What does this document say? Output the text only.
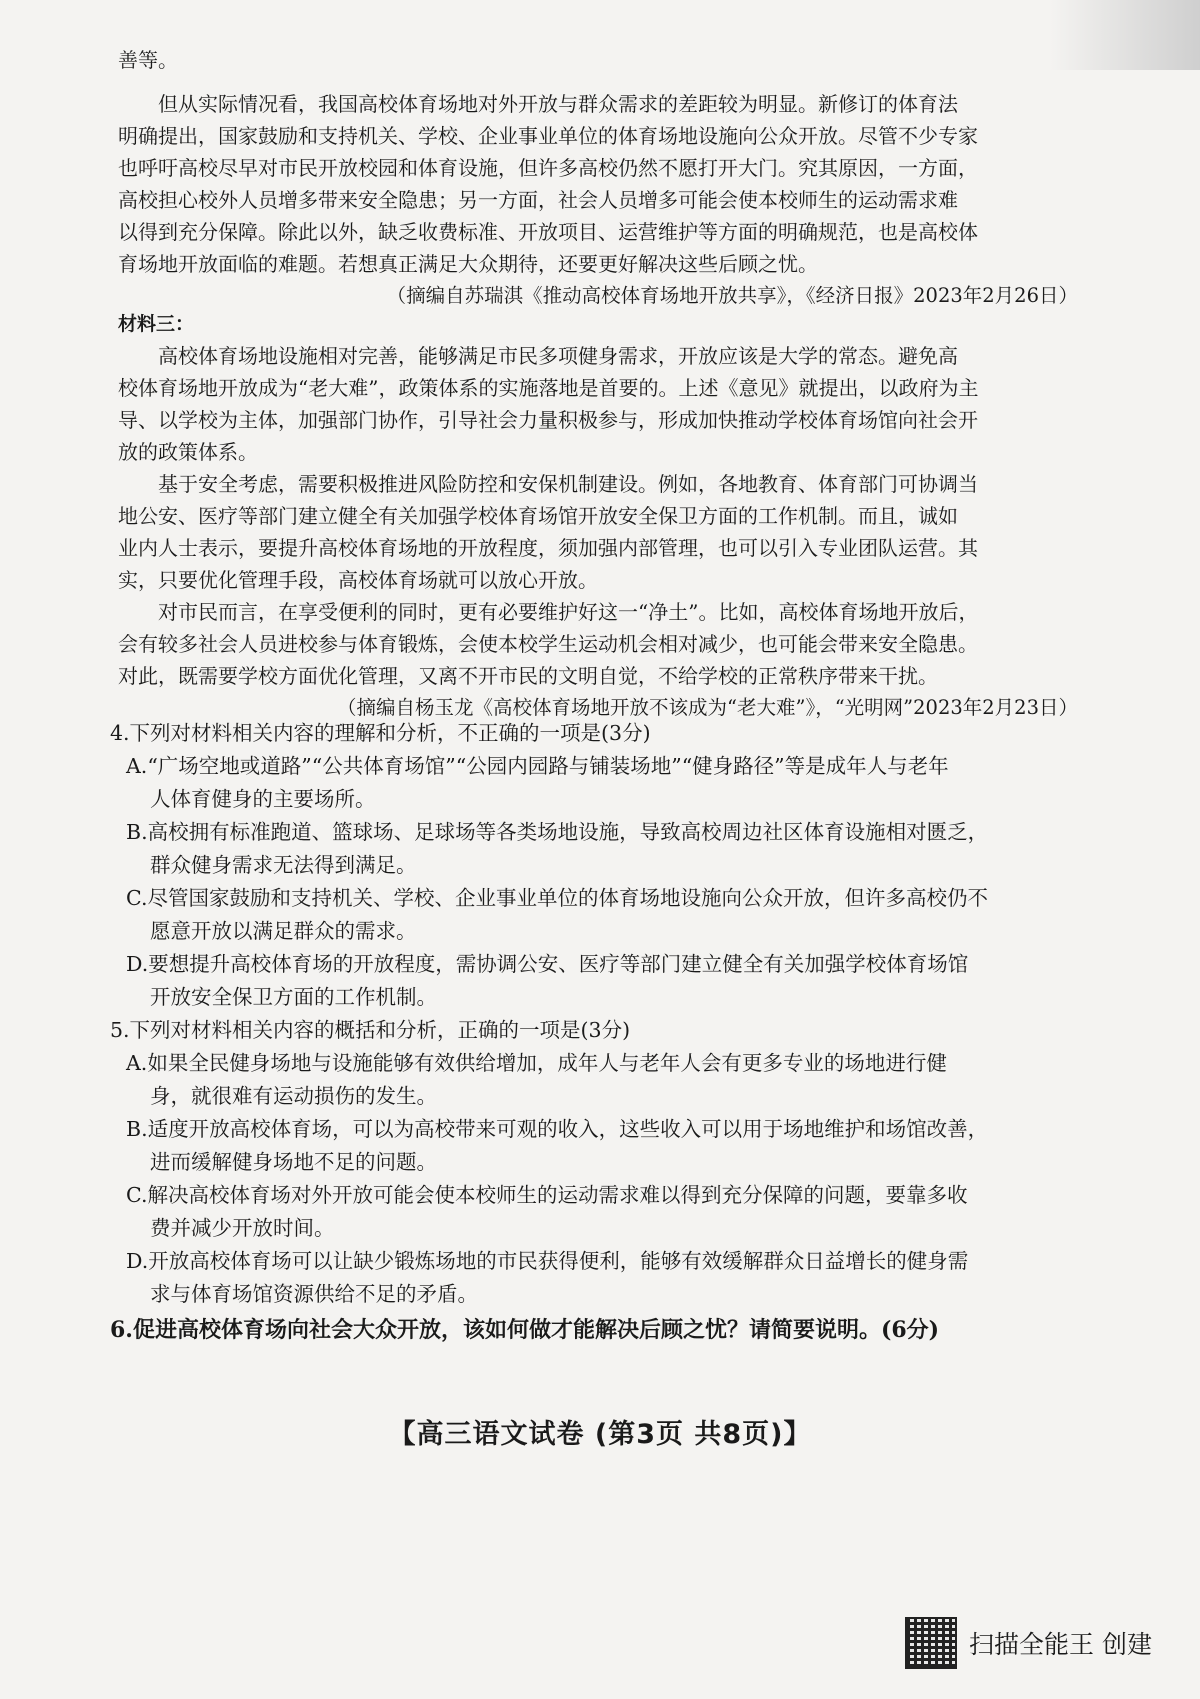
善等。
但从实际情况看，我国高校体育场地对外开放与群众需求的差距较为明显。新修订的体育法
明确提出，国家鼓励和支持机关、学校、企业事业单位的体育场地设施向公众开放。尽管不少专家
也呼吁高校尽早对市民开放校园和体育设施，但许多高校仍然不愿打开大门。究其原因，一方面，
高校担心校外人员增多带来安全隐患；另一方面，社会人员增多可能会使本校师生的运动需求难
以得到充分保障。除此以外，缺乏收费标准、开放项目、运营维护等方面的明确规范，也是高校体
育场地开放面临的难题。若想真正满足大众期待，还要更好解决这些后顾之忧。
（摘编自苏瑞淇《推动高校体育场地开放共享》，《经济日报》2023年2月26日）
材料三：
高校体育场地设施相对完善，能够满足市民多项健身需求，开放应该是大学的常态。避免高
校体育场地开放成为“老大难”，政策体系的实施落地是首要的。上述《意见》就提出，以政府为主
导、以学校为主体，加强部门协作，引导社会力量积极参与，形成加快推动学校体育场馆向社会开
放的政策体系。
基于安全考虑，需要积极推进风险防控和安保机制建设。例如，各地教育、体育部门可协调当
地公安、医疗等部门建立健全有关加强学校体育场馆开放安全保卫方面的工作机制。而且，诚如
业内人士表示，要提升高校体育场地的开放程度，须加强内部管理，也可以引入专业团队运营。其
实，只要优化管理手段，高校体育场就可以放心开放。
对市民而言，在享受便利的同时，更有必要维护好这一“净土”。比如，高校体育场地开放后，
会有较多社会人员进校参与体育锻炼，会使本校学生运动机会相对减少，也可能会带来安全隐患。
对此，既需要学校方面优化管理，又离不开市民的文明自觉，不给学校的正常秩序带来干扰。
（摘编自杨玉龙《高校体育场地开放不该成为“老大难”》，“光明网”2023年2月23日）
4.下列对材料相关内容的理解和分析，不正确的一项是(3分)
A.“广场空地或道路”“公共体育场馆”“公园内园路与铺装场地”“健身路径”等是成年人与老年
人体育健身的主要场所。
B.高校拥有标准跑道、篮球场、足球场等各类场地设施，导致高校周边社区体育设施相对匮乏，
群众健身需求无法得到满足。
C.尽管国家鼓励和支持机关、学校、企业事业单位的体育场地设施向公众开放，但许多高校仍不
愿意开放以满足群众的需求。
D.要想提升高校体育场的开放程度，需协调公安、医疗等部门建立健全有关加强学校体育场馆
开放安全保卫方面的工作机制。
5.下列对材料相关内容的概括和分析，正确的一项是(3分)
A.如果全民健身场地与设施能够有效供给增加，成年人与老年人会有更多专业的场地进行健
身，就很难有运动损伤的发生。
B.适度开放高校体育场，可以为高校带来可观的收入，这些收入可以用于场地维护和场馆改善，
进而缓解健身场地不足的问题。
C.解决高校体育场对外开放可能会使本校师生的运动需求难以得到充分保障的问题，要靠多收
费并减少开放时间。
D.开放高校体育场可以让缺少锻炼场地的市民获得便利，能够有效缓解群众日益增长的健身需
求与体育场馆资源供给不足的矛盾。
6.促进高校体育场向社会大众开放，该如何做才能解决后顾之忧？请简要说明。(6分)
【高三语文试卷 (第3页 共8页)】
扫描全能王 创建
